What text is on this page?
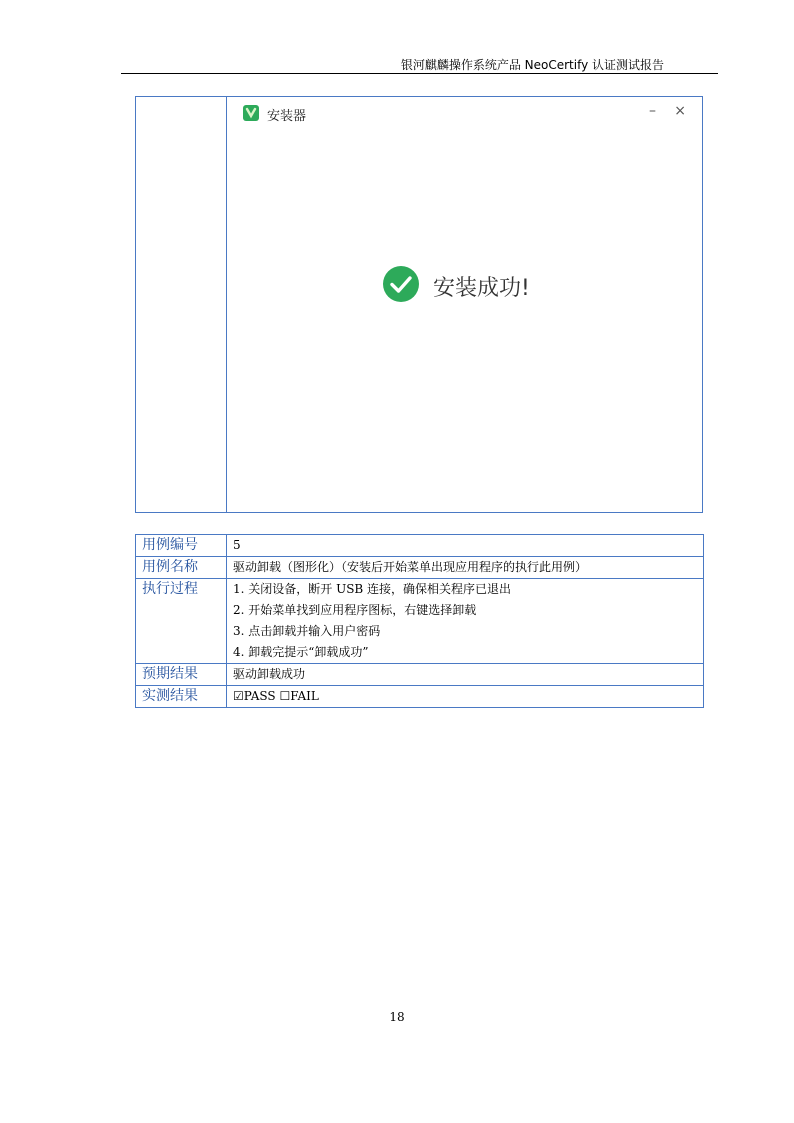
银河麒麟操作系统产品 NeoCertify 认证测试报告
安装器	– ×
安装成功!
用例编号	5
用例名称	驱动卸载（图形化）（安装后开始菜单出现应用程序的执行此用例）
执行过程	1. 关闭设备，断开 USB 连接，确保相关程序已退出
2. 开始菜单找到应用程序图标，右键选择卸载
3. 点击卸载并输入用户密码
4. 卸载完提示“卸载成功”

预期结果	驱动卸载成功
实测结果	☑PASS ☐FAIL
18
